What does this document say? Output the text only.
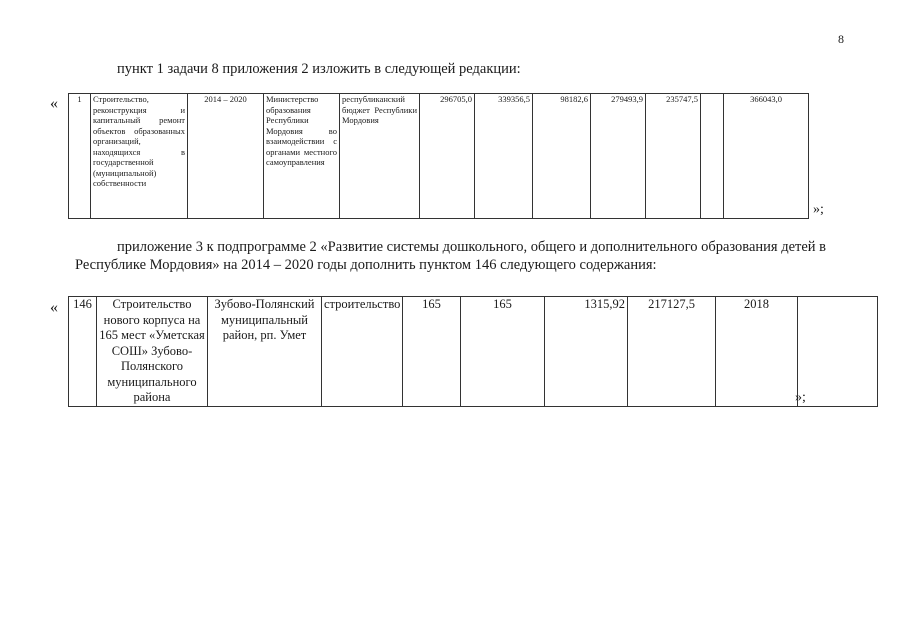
8
пункт 1 задачи 8 приложения 2 изложить в следующей редакции:
« 1	Строительство, реконструкция и капитальный ремонт объектов образованных организаций, находящихся в государственной (муниципальной) собственности	2014 – 2020	Министерство образования Республики Мордовия во взаимодействии с органами местного самоуправления	республиканский бюджет Республики Мордовия	296705,0	339356,5	98182,6	279493,9	235747,5		366043,0
»;
приложение 3 к подпрограмме 2 «Развитие системы дошкольного, общего и дополнительного образования детей в Республике Мордовия» на 2014 – 2020 годы дополнить пунктом 146 следующего содержания:
« 146	Строительство нового корпуса на 165 мест «Уметская СОШ» Зубово-Полянского муниципального района	Зубово-Полянский муниципальный район, рп. Умет	строительство	165	165	1315,92	217127,5	2018	
»;
